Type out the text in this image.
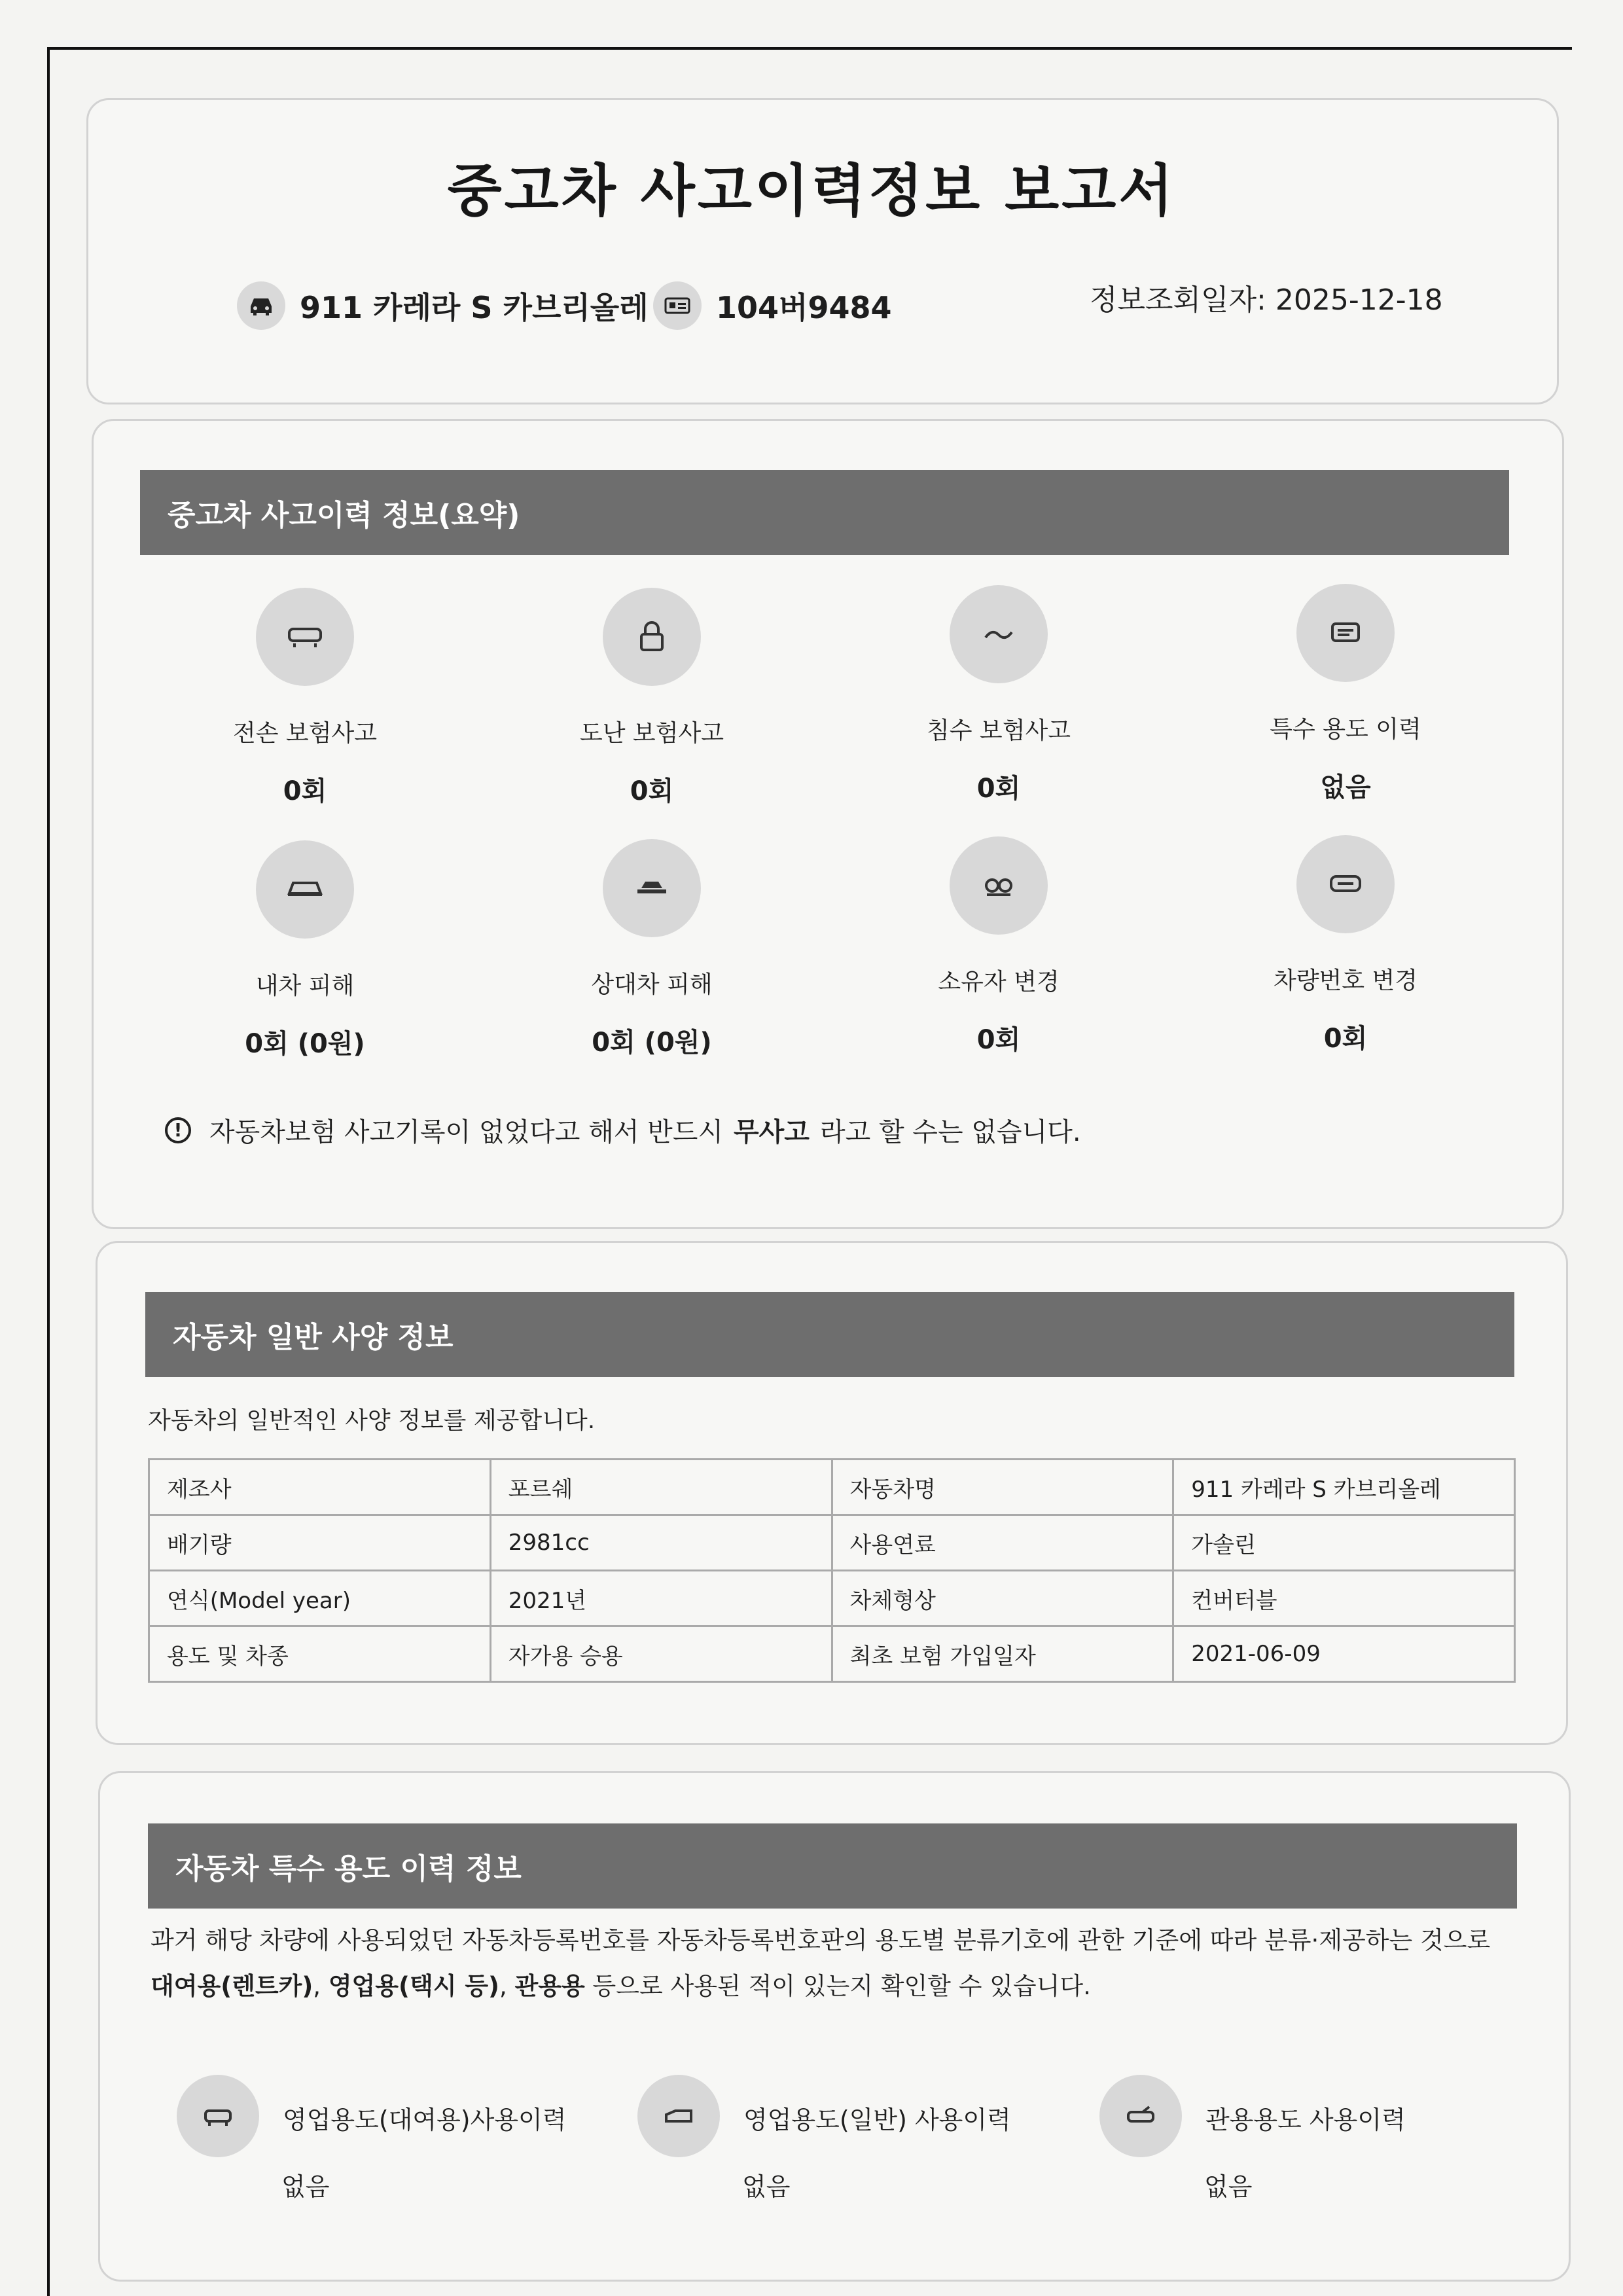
중고차 사고이력정보 보고서
911 카레라 S 카브리올레 104버9484	정보조회일자: 2025-12-18
중고차 사고이력 정보(요약)
전손 보험사고
0회
도난 보험사고
0회
침수 보험사고
0회
특수 용도 이력
없음
내차 피해
0회 (0원)
상대차 피해
0회 (0원)
소유자 변경
0회
차량번호 변경
0회
!	자동차보험 사고기록이 없었다고 해서 반드시 무사고 라고 할 수는 없습니다.
자동차 일반 사양 정보
자동차의 일반적인 사양 정보를 제공합니다.
제조사	포르쉐	자동차명	911 카레라 S 카브리올레
배기량	2981cc	사용연료	가솔린
연식(Model year)	2021년	차체형상	컨버터블
용도 및 차종	자가용 승용	최초 보험 가입일자	2021-06-09
자동차 특수 용도 이력 정보
과거 해당 차량에 사용되었던 자동차등록번호를 자동차등록번호판의 용도별 분류기호에 관한 기준에 따라 분류·제공하는 것으로
대여용(렌트카), 영업용(택시 등), 관용용 등으로 사용된 적이 있는지 확인할 수 있습니다.
영업용도(대여용)사용이력
없음
영업용도(일반) 사용이력
없음
관용용도 사용이력
없음
